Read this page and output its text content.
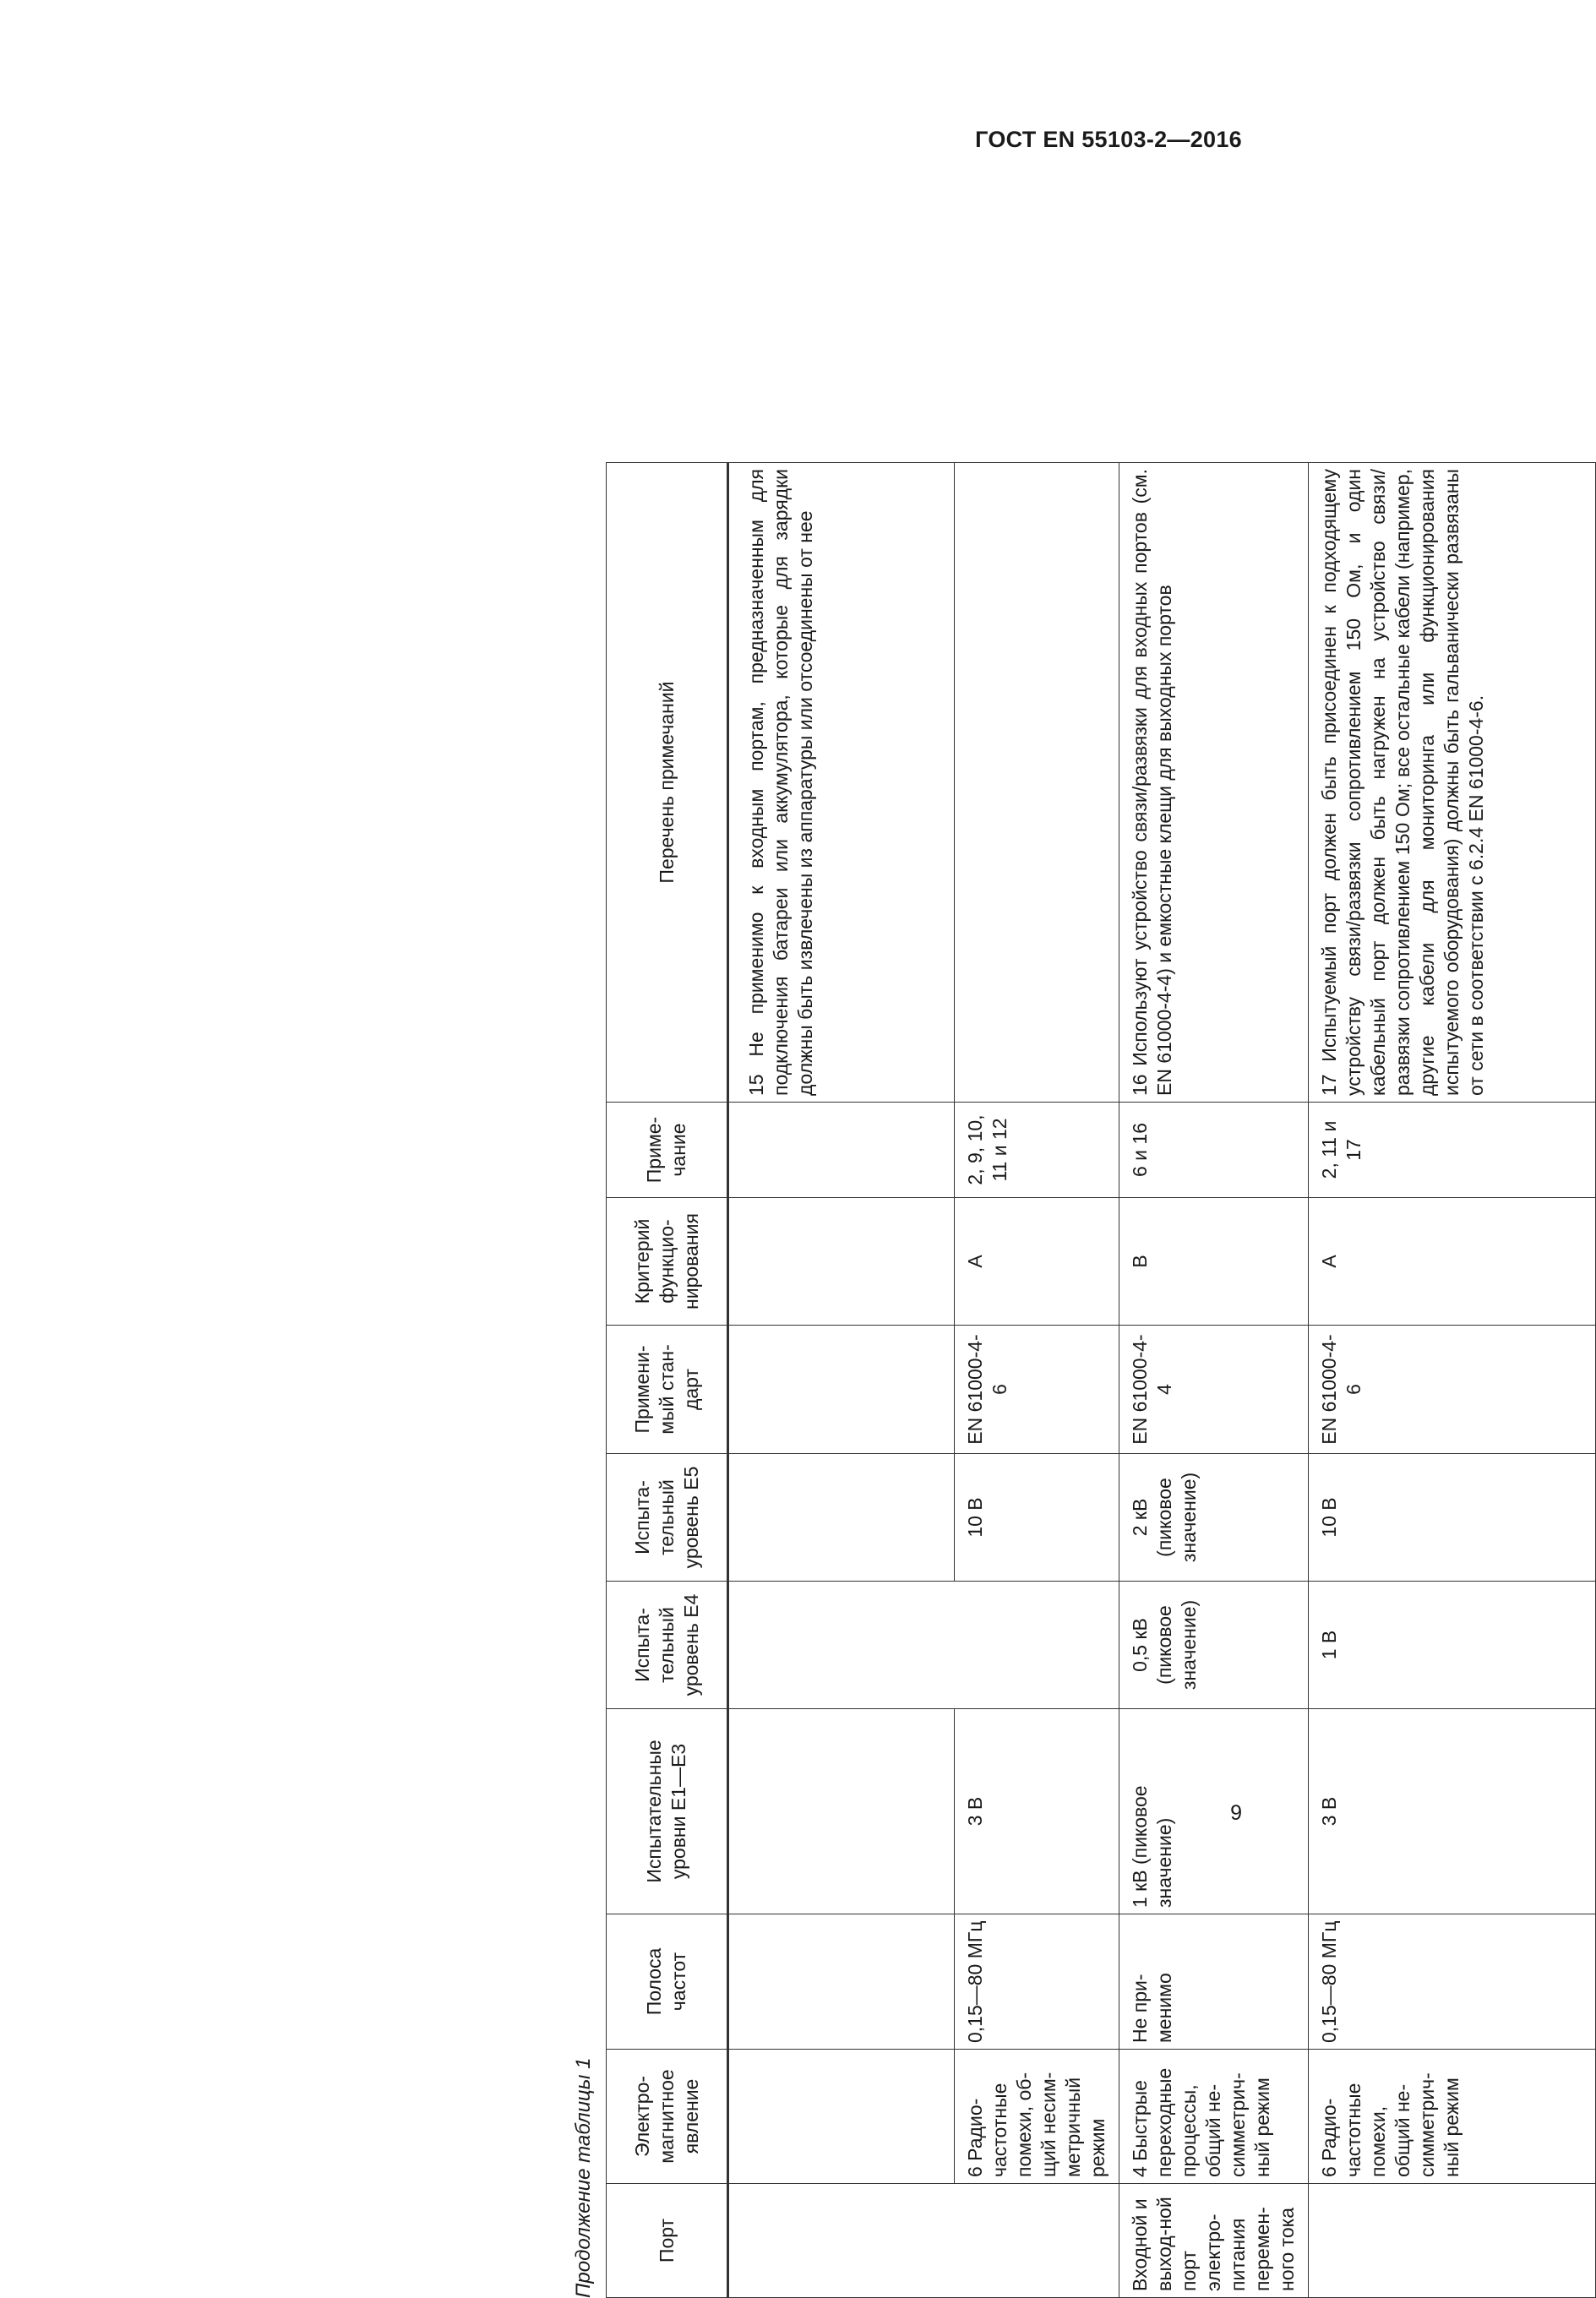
ГОСТ EN 55103-2—2016
Продолжение таблицы 1	Порт	Электро-магнитное явление	Полоса частот	Испытательные уровни Е1—Е3	Испыта-тельный уровень Е4	Испыта-тельный уровень Е5	Примени-мый стан-дарт	Критерий функцио-нирования	Приме-чание	Перечень примечаний

									15 Не применимо к входным портам, предназначенным для подключения батареи или аккумулятора, которые для зарядки должны быть извлечены из аппаратуры или отсоединены от нее
	6 Радио-частотные помехи, об-щий несим-метричный режим	0,15—80 МГц	3 В		10 В	EN 61000-4-6	А	2, 9, 10, 11 и 12	
Входной и выход-ной порт электро-питания перемен-ного тока	4 Быстрые переходные процессы, общий не-симметрич-ный режим	Не при-менимо	1 кВ (пиковое значение)	0,5 кВ (пиковое значение)	2 кВ (пиковое значение)	EN 61000-4-4	В	6 и 16	16 Используют устройство связи/развязки для входных портов (см. EN 61000-4-4) и емкостные клещи для выходных портов
	6 Радио-частотные помехи, общий не-симметрич-ный режим	0,15—80 МГц	3 В	1 В	10 В	EN 61000-4-6	А	2, 11 и 17	17 Испытуемый порт должен быть присоединен к подходящему устройству связи/развязки сопротивлением 150 Ом, и один кабельный порт должен быть нагружен на устройство связи/развязки сопротивлением 150 Ом; все остальные кабели (например, другие кабели для мониторинга или функционирования испытуемого оборудования) должны быть гальванически развязаны от сети в соответствии с 6.2.4 EN 61000-4-6.
9
